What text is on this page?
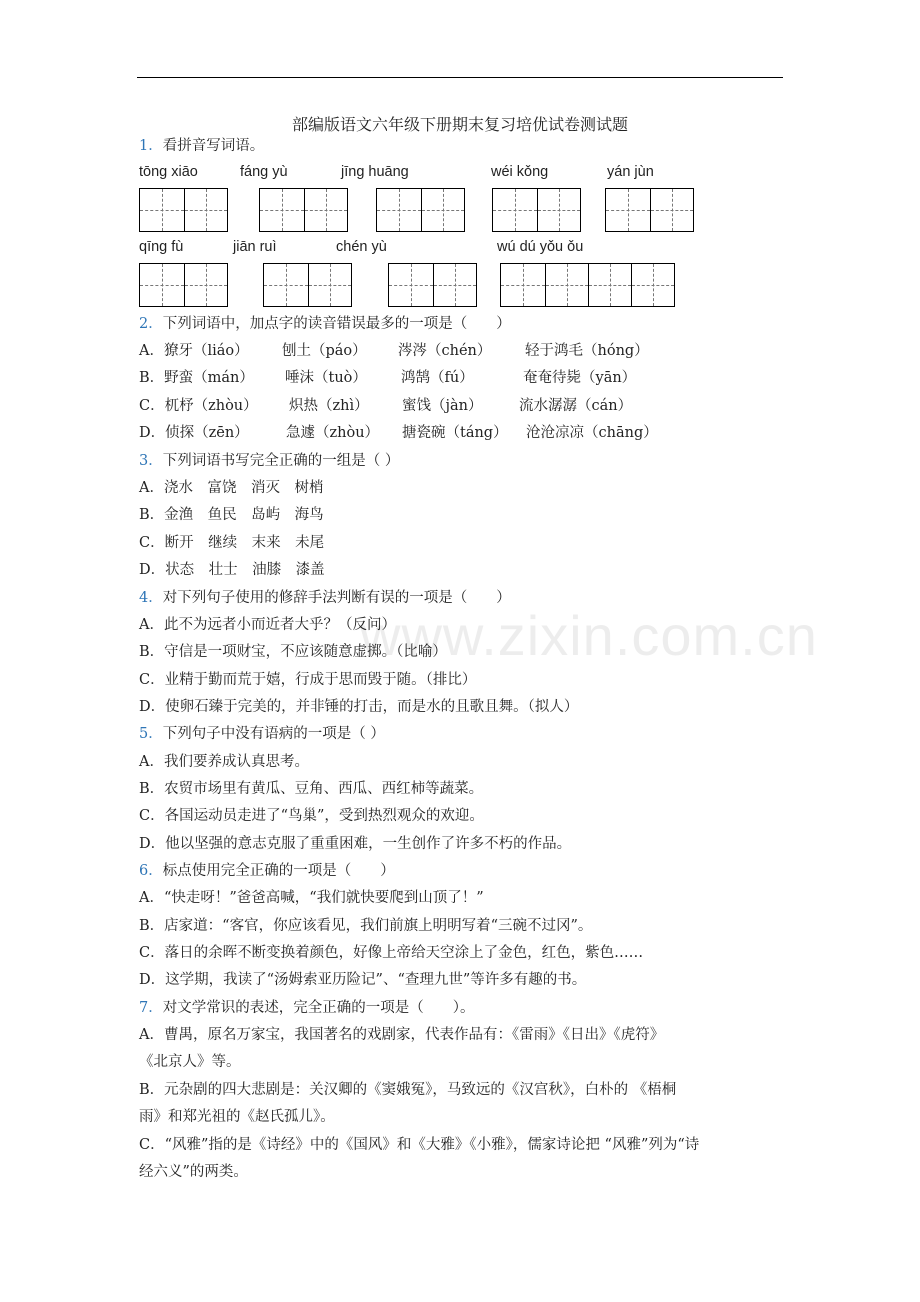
部编版语文六年级下册期末复习培优试卷测试题
1．看拼音写词语。
tōng xiāo	fáng yù	jīng huāng	wéi kǒng	yán jùn
qīng fù	jiān ruì	chén yù	wú dú yǒu ǒu
2．下列词语中，加点字的读音错误最多的一项是（　　）
A．獠牙（liáo） 刨土（páo） 涔涔（chén） 轻于鸿毛（hóng）
B．野蛮（mán） 唾沫（tuò） 鸿鹄（fú）	奄奄待毙（yān）
C．杌杼（zhòu） 炽热（zhì） 蜜饯（jàn）	流水潺潺（cán）
D．侦探（zēn）	急遽（zhòu） 搪瓷碗（táng） 沧沧凉凉（chāng）
3．下列词语书写完全正确的一组是（ ）
A．浇水　富饶　消灭　树梢
B．金渔　鱼民　岛屿　海鸟
C．断开　继续　末来　未尾
D．状态　壮士　油膝　漆盖
4．对下列句子使用的修辞手法判断有误的一项是（　　）
A．此不为远者小而近者大乎？（反问）
B．守信是一项财宝，不应该随意虚掷。（比喻）
C．业精于勤而荒于嬉，行成于思而毁于随。（排比）
D．使卵石臻于完美的，并非锤的打击，而是水的且歌且舞。（拟人）
www.zixin.com.cn
5．下列句子中没有语病的一项是（ ）
A．我们要养成认真思考。
B．农贸市场里有黄瓜、豆角、西瓜、西红柿等蔬菜。
C．各国运动员走进了“鸟巢”，受到热烈观众的欢迎。
D．他以坚强的意志克服了重重困难，一生创作了许多不朽的作品。
6．标点使用完全正确的一项是（　　）
A．“快走呀！”爸爸高喊，“我们就快要爬到山顶了！”
B．店家道：“客官，你应该看见，我们前旗上明明写着“三碗不过冈”。
C．落日的余晖不断变换着颜色，好像上帝给天空涂上了金色，红色，紫色……
D．这学期，我读了“汤姆索亚历险记”、“查理九世”等许多有趣的书。
7．对文学常识的表述，完全正确的一项是（　　）。
A．曹禺，原名万家宝，我国著名的戏剧家，代表作品有：《雷雨》《日出》《虎符》
《北京人》等。
B．元杂剧的四大悲剧是：关汉卿的《窦娥冤》，马致远的《汉宫秋》，白朴的 《梧桐
雨》和郑光祖的《赵氏孤儿》。
C．“风雅”指的是《诗经》中的《国风》和《大雅》《小雅》，儒家诗论把 “风雅”列为“诗
经六义”的两类。
